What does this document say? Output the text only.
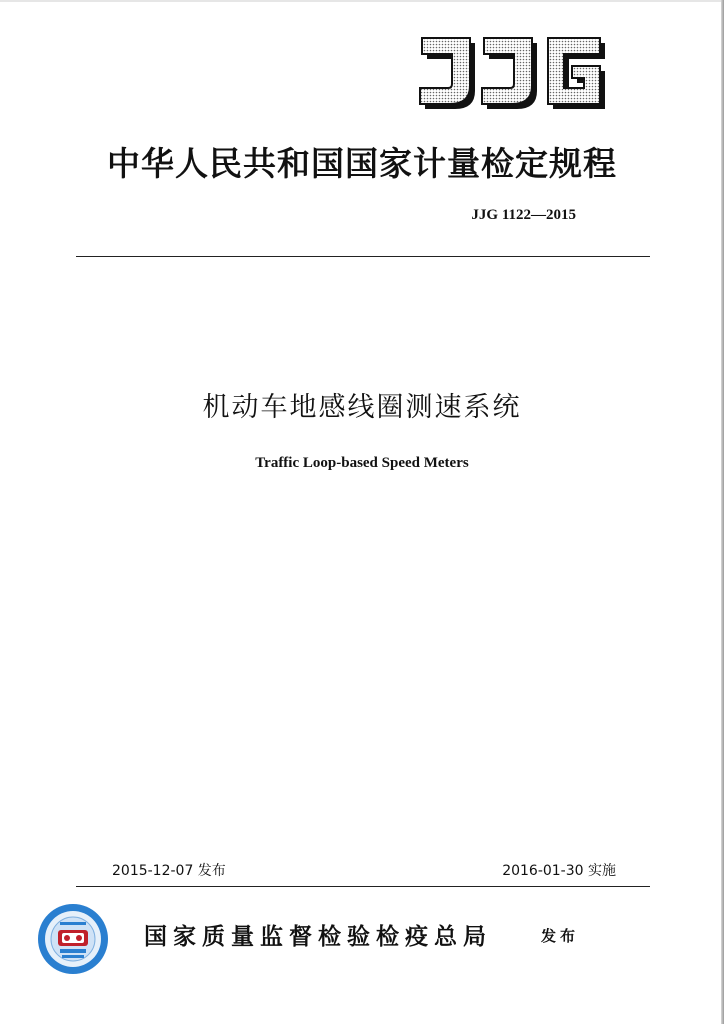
中华人民共和国国家计量检定规程
JJG 1122—2015
机动车地感线圈测速系统
Traffic Loop-based Speed Meters
2015-12-07 发布	2016-01-30 实施
国家质量监督检验检疫总局	发布
